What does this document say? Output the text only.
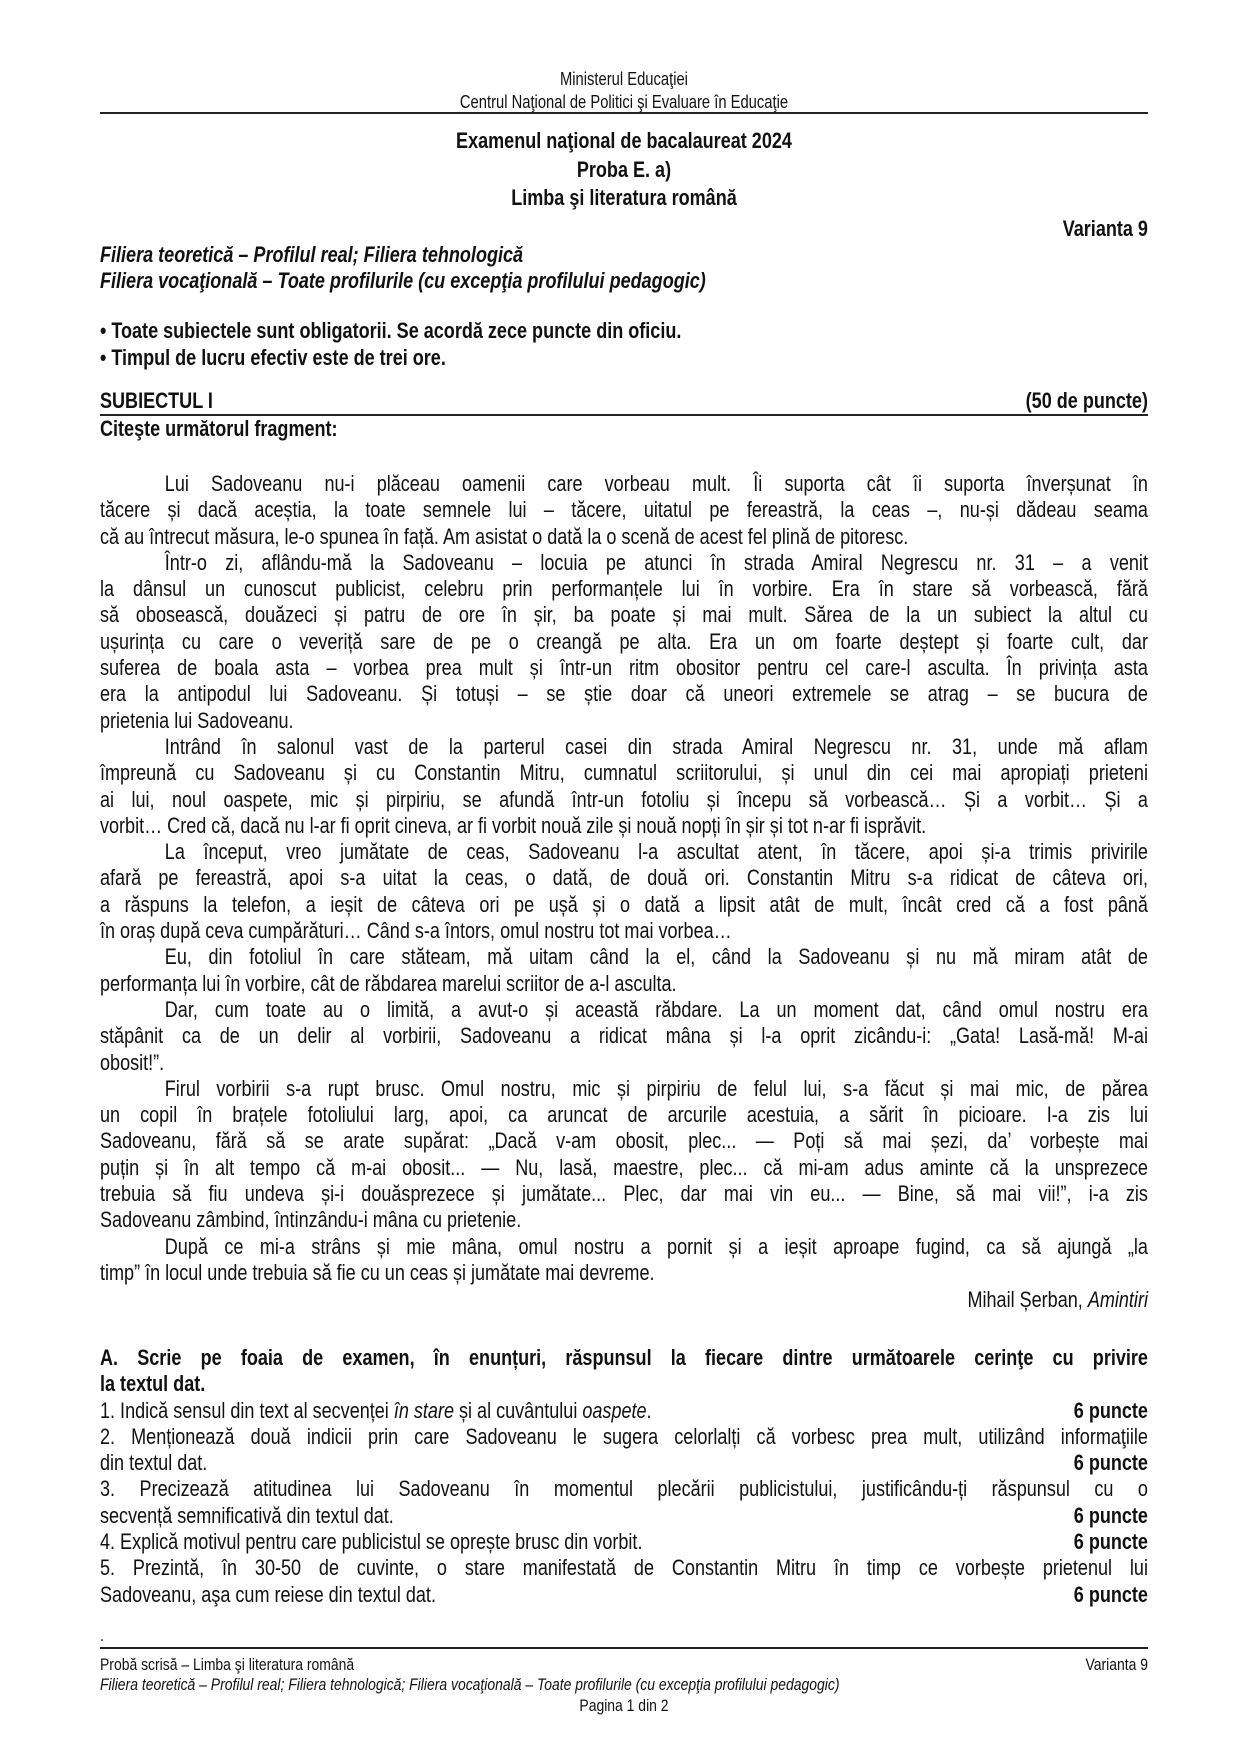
Ministerul Educaţiei
Centrul Naţional de Politici şi Evaluare în Educaţie
Examenul naţional de bacalaureat 2024
Proba E. a)
Limba şi literatura română
Varianta 9
Filiera teoretică – Profilul real; Filiera tehnologică
Filiera vocaţională – Toate profilurile (cu excepţia profilului pedagogic)
• Toate subiectele sunt obligatorii. Se acordă zece puncte din oficiu.
• Timpul de lucru efectiv este de trei ore.
SUBIECTUL I	(50 de puncte)
Citeşte următorul fragment:
Lui Sadoveanu nu-i plăceau oamenii care vorbeau mult. Îi suporta cât îi suporta înverșunat în
tăcere și dacă aceștia, la toate semnele lui – tăcere, uitatul pe fereastră, la ceas –, nu-și dădeau seama
că au întrecut măsura, le-o spunea în față. Am asistat o dată la o scenă de acest fel plină de pitoresc.
Într-o zi, aflându-mă la Sadoveanu – locuia pe atunci în strada Amiral Negrescu nr. 31 – a venit
la dânsul un cunoscut publicist, celebru prin performanțele lui în vorbire. Era în stare să vorbească, fără
să obosească, douăzeci și patru de ore în șir, ba poate și mai mult. Sărea de la un subiect la altul cu
ușurința cu care o veveriță sare de pe o creangă pe alta. Era un om foarte deștept și foarte cult, dar
suferea de boala asta – vorbea prea mult și într-un ritm obositor pentru cel care-l asculta. În privința asta
era la antipodul lui Sadoveanu. Și totuși – se știe doar că uneori extremele se atrag – se bucura de
prietenia lui Sadoveanu.
Intrând în salonul vast de la parterul casei din strada Amiral Negrescu nr. 31, unde mă aflam
împreună cu Sadoveanu și cu Constantin Mitru, cumnatul scriitorului, și unul din cei mai apropiați prieteni
ai lui, noul oaspete, mic și pirpiriu, se afundă într-un fotoliu și începu să vorbească… Și a vorbit… Și a
vorbit… Cred că, dacă nu l-ar fi oprit cineva, ar fi vorbit nouă zile și nouă nopți în șir și tot n-ar fi isprăvit.
La început, vreo jumătate de ceas, Sadoveanu l-a ascultat atent, în tăcere, apoi și-a trimis privirile
afară pe fereastră, apoi s-a uitat la ceas, o dată, de două ori. Constantin Mitru s-a ridicat de câteva ori,
a răspuns la telefon, a ieșit de câteva ori pe ușă și o dată a lipsit atât de mult, încât cred că a fost până
în oraș după ceva cumpărături… Când s-a întors, omul nostru tot mai vorbea…
Eu, din fotoliul în care stăteam, mă uitam când la el, când la Sadoveanu și nu mă miram atât de
performanța lui în vorbire, cât de răbdarea marelui scriitor de a-l asculta.
Dar, cum toate au o limită, a avut-o și această răbdare. La un moment dat, când omul nostru era
stăpânit ca de un delir al vorbirii, Sadoveanu a ridicat mâna și l-a oprit zicându-i: „Gata! Lasă-mă! M-ai
obosit!”.
Firul vorbirii s-a rupt brusc. Omul nostru, mic și pirpiriu de felul lui, s-a făcut și mai mic, de părea
un copil în brațele fotoliului larg, apoi, ca aruncat de arcurile acestuia, a sărit în picioare. I-a zis lui
Sadoveanu, fără să se arate supărat: „Dacă v-am obosit, plec... — Poți să mai șezi, da’ vorbește mai
puțin și în alt tempo că m-ai obosit... — Nu, lasă, maestre, plec... că mi-am adus aminte că la unsprezece
trebuia să fiu undeva și-i douăsprezece și jumătate... Plec, dar mai vin eu... — Bine, să mai vii!”, i-a zis
Sadoveanu zâmbind, întinzându-i mâna cu prietenie.
După ce mi-a strâns și mie mâna, omul nostru a pornit și a ieșit aproape fugind, ca să ajungă „la
timp” în locul unde trebuia să fie cu un ceas și jumătate mai devreme.
Mihail Șerban, Amintiri
A. Scrie pe foaia de examen, în enunțuri, răspunsul la fiecare dintre următoarele cerinţe cu privire
la textul dat.
1. Indică sensul din text al secvenței în stare și al cuvântului oaspete.	6 puncte
2. Menționează două indicii prin care Sadoveanu le sugera celorlalți că vorbesc prea mult, utilizând informaţiile
din textul dat.	6 puncte
3. Precizează atitudinea lui Sadoveanu în momentul plecării publicistului, justificându-ți răspunsul cu o
secvență semnificativă din textul dat.	6 puncte
4. Explică motivul pentru care publicistul se oprește brusc din vorbit.	6 puncte
5. Prezintă, în 30-50 de cuvinte, o stare manifestată de Constantin Mitru în timp ce vorbește prietenul lui
Sadoveanu, aşa cum reiese din textul dat.	6 puncte
.
Probă scrisă – Limba şi literatura română	Varianta 9
Filiera teoretică – Profilul real; Filiera tehnologică; Filiera vocaţională – Toate profilurile (cu excepţia profilului pedagogic)
Pagina 1 din 2
